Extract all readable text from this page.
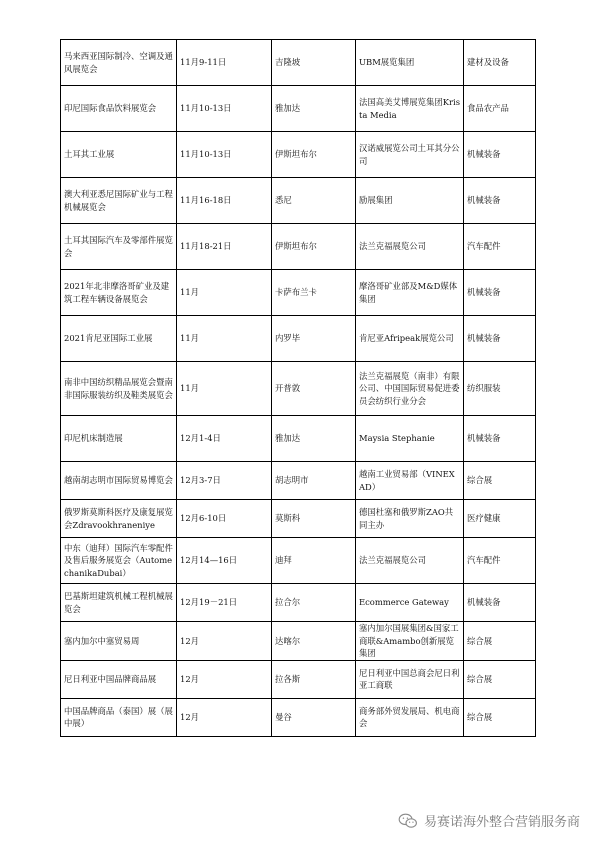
马来西亚国际制冷、空调及通风展览会	11月9-11日	吉隆坡	UBM展览集团	建材及设备
印尼国际食品饮料展览会	11月10-13日	雅加达	法国高美艾博展览集团Krista Media	食品农产品
土耳其工业展	11月10-13日	伊斯坦布尔	汉诺威展览公司土耳其分公司	机械装备
澳大利亚悉尼国际矿业与工程机械展览会	11月16-18日	悉尼	励展集团	机械装备
土耳其国际汽车及零部件展览会	11月18-21日	伊斯坦布尔	法兰克福展览公司	汽车配件
2021年北非摩洛哥矿业及建筑工程车辆设备展览会	11月	卡萨布兰卡	摩洛哥矿业部及M&D媒体集团	机械装备
2021肯尼亚国际工业展	11月	内罗毕	肯尼亚Afripeak展览公司	机械装备
南非中国纺织精品展览会暨南非国际服装纺织及鞋类展览会	11月	开普敦	法兰克福展览（南非）有限公司、中国国际贸易促进委员会纺织行业分会	纺织服装
印尼机床制造展	12月1-4日	雅加达	Maysia Stephanie	机械装备
越南胡志明市国际贸易博览会	12月3-7日	胡志明市	越南工业贸易部（VINEXAD）	综合展
俄罗斯莫斯科医疗及康复展览会Zdravookhraneniye	12月6-10日	莫斯科	德国杜塞和俄罗斯ZAO共同主办	医疗健康
中东（迪拜）国际汽车零配件及售后服务展览会（AutomechanikaDubai）	12月14—16日	迪拜	法兰克福展览公司	汽车配件
巴基斯坦建筑机械工程机械展览会	12月19－21日	拉合尔	Ecommerce Gateway	机械装备
塞内加尔中塞贸易周	12月	达喀尔	塞内加尔国展集团&国家工商联&Amambo创新展览集团	综合展
尼日利亚中国品牌商品展	12月	拉各斯	尼日利亚中国总商会尼日利亚工商联	综合展
中国品牌商品（泰国）展（展中展）	12月	曼谷	商务部外贸发展局、机电商会	综合展
易赛诺海外整合营销服务商
